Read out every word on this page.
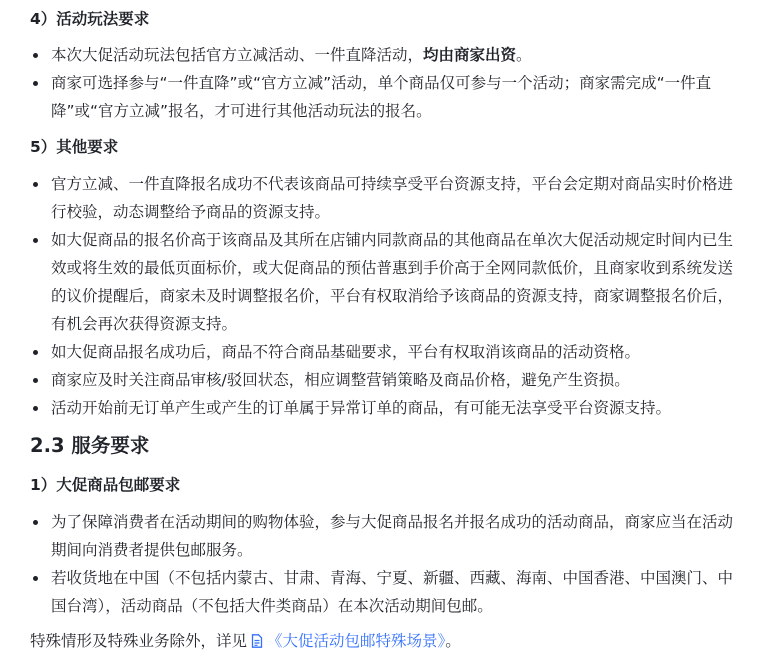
4）活动玩法要求
本次大促活动玩法包括官方立减活动、一件直降活动，均由商家出资。
商家可选择参与“一件直降”或“官方立减”活动，单个商品仅可参与一个活动；商家需完成“一件直降”或“官方立减”报名，才可进行其他活动玩法的报名。
5）其他要求
官方立减、一件直降报名成功不代表该商品可持续享受平台资源支持，平台会定期对商品实时价格进行校验，动态调整给予商品的资源支持。
如大促商品的报名价高于该商品及其所在店铺内同款商品的其他商品在单次大促活动规定时间内已生效或将生效的最低页面标价，或大促商品的预估普惠到手价高于全网同款低价，且商家收到系统发送的议价提醒后，商家未及时调整报名价，平台有权取消给予该商品的资源支持，商家调整报名价后，有机会再次获得资源支持。
如大促商品报名成功后，商品不符合商品基础要求，平台有权取消该商品的活动资格。
商家应及时关注商品审核/驳回状态，相应调整营销策略及商品价格，避免产生资损。
活动开始前无订单产生或产生的订单属于异常订单的商品，有可能无法享受平台资源支持。
2.3 服务要求
1）大促商品包邮要求
为了保障消费者在活动期间的购物体验，参与大促商品报名并报名成功的活动商品，商家应当在活动期间向消费者提供包邮服务。
若收货地在中国（不包括内蒙古、甘肃、青海、宁夏、新疆、西藏、海南、中国香港、中国澳门、中国台湾），活动商品（不包括大件类商品）在本次活动期间包邮。
特殊情形及特殊业务除外，详见 《大促活动包邮特殊场景》。
